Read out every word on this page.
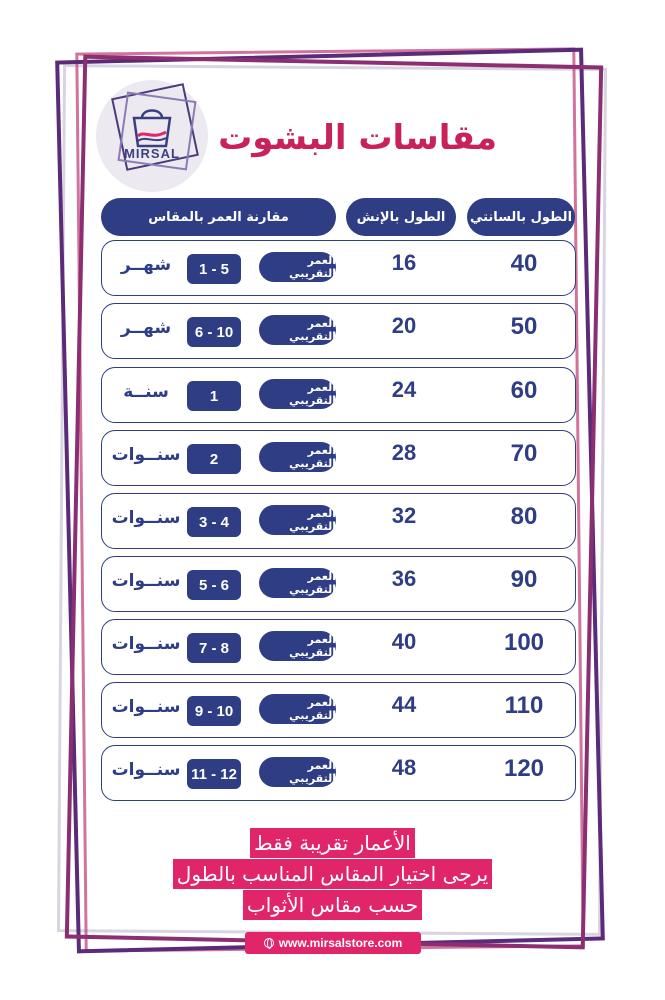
MIRSAL	مقاسات البشوت
الطول بالسانتي
الطول بالإنش
مقارنة العمر بالمقاس
40
16
العمر التقريبي
1 - 5
شهــر
50
20
العمر التقريبي
6 - 10
شهــر
60
24
العمر التقريبي
1
سنــة
70
28
العمر التقريبي
2
سنــوات
80
32
العمر التقريبي
3 - 4
سنــوات
90
36
العمر التقريبي
5 - 6
سنــوات
100
40
العمر التقريبي
7 - 8
سنــوات
110
44
العمر التقريبي
9 - 10
سنــوات
120
48
العمر التقريبي
11 - 12
سنــوات
الأعمار تقريبة فقط
يرجى اختيار المقاس المناسب بالطول
حسب مقاس الأثواب
www.mirsalstore.com
